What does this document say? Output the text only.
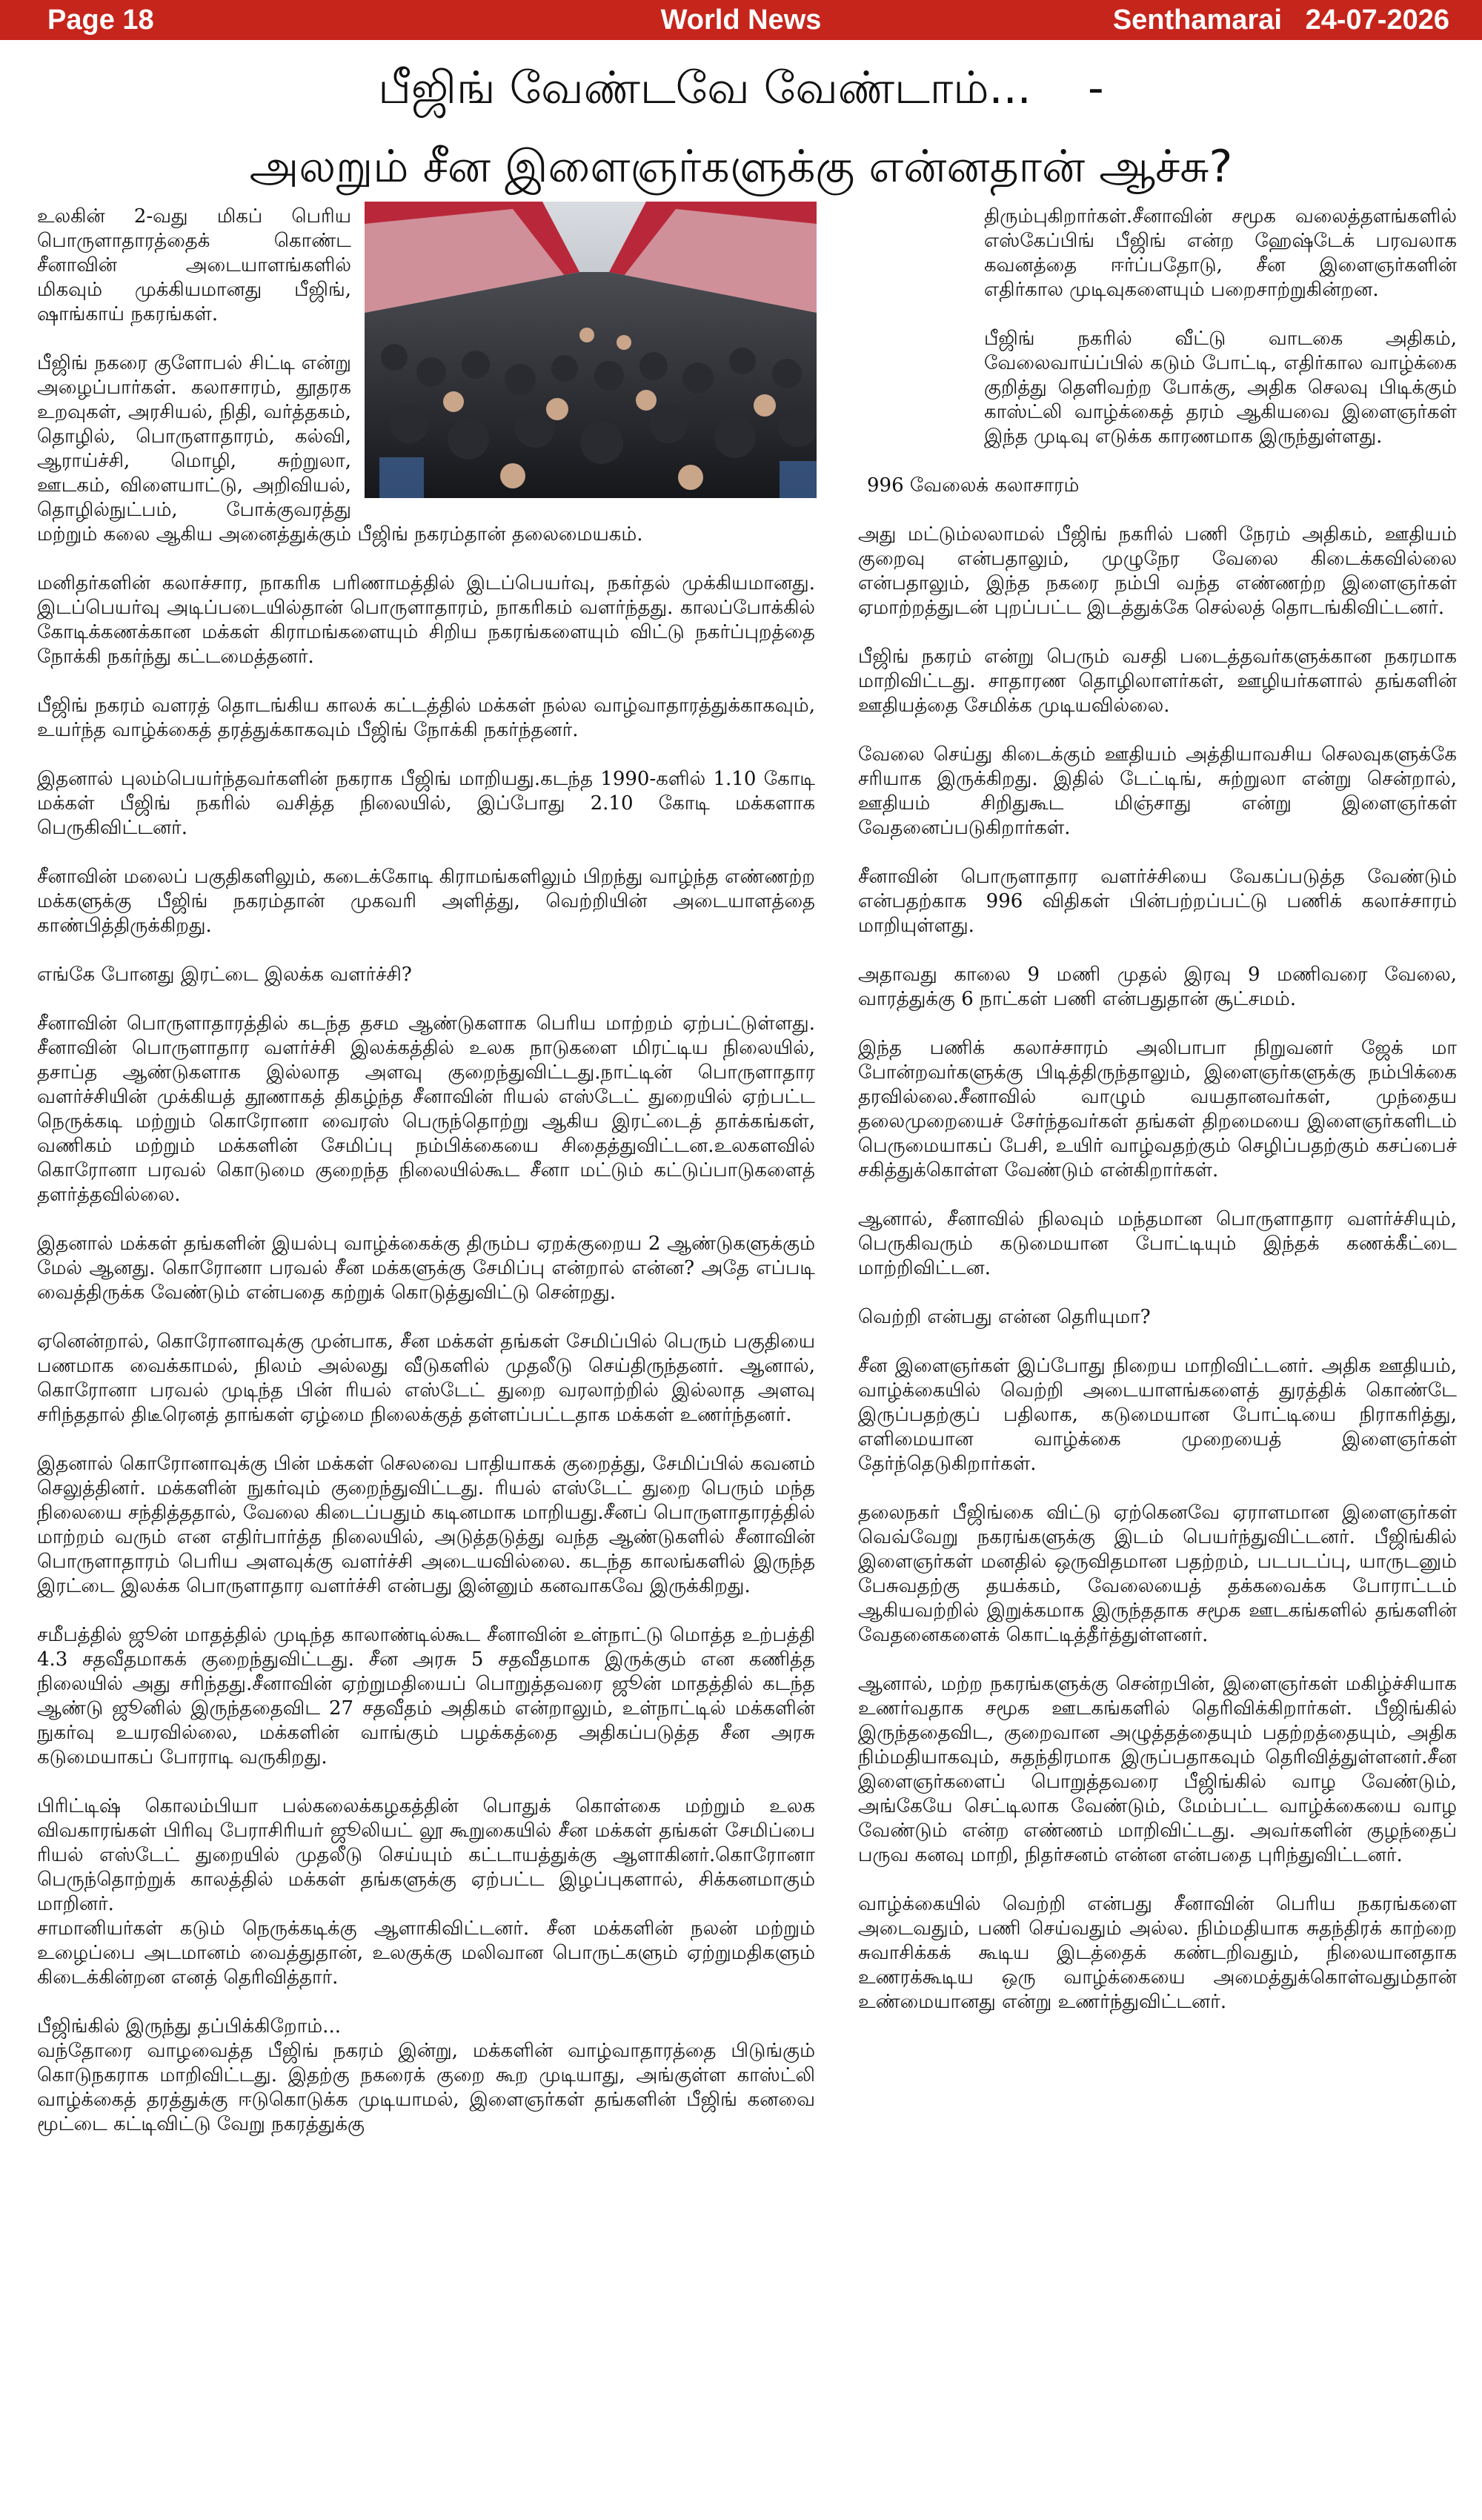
Page 18	World News	Senthamarai 24-07-2026
பீஜிங் வேண்டவே வேண்டாம்...    -
அலறும் சீன இளைஞர்களுக்கு என்னதான் ஆச்சு?

உலகின் 2-வது மிகப் பெரிய பொருளாதாரத்தைக் கொண்ட சீனாவின் அடையாளங்களில் மிகவும் முக்கியமானது பீஜிங், ஷாங்காய் நகரங்கள்.

பீஜிங் நகரை குளோபல் சிட்டி என்று அழைப்பார்கள். கலாசாரம், தூதரக உறவுகள், அரசியல், நிதி, வர்த்தகம், தொழில், பொருளாதாரம், கல்வி, ஆராய்ச்சி, மொழி, சுற்றுலா, ஊடகம், விளையாட்டு, அறிவியல், தொழில்நுட்பம், போக்குவரத்து மற்றும் கலை ஆகிய அனைத்துக்கும் பீஜிங் நகரம்தான் தலைமையகம்.

மனிதர்களின் கலாச்சார, நாகரிக பரிணாமத்தில் இடப்பெயர்வு, நகர்தல் முக்கியமானது. இடப்பெயர்வு அடிப்படையில்தான் பொருளாதாரம், நாகரிகம் வளர்ந்தது. காலப்போக்கில் கோடிக்கணக்கான மக்கள் கிராமங்களையும் சிறிய நகரங்களையும் விட்டு நகர்ப்புறத்தை நோக்கி நகர்ந்து கட்டமைத்தனர்.

பீஜிங் நகரம் வளரத் தொடங்கிய காலக் கட்டத்தில் மக்கள் நல்ல வாழ்வாதாரத்துக்காகவும், உயர்ந்த வாழ்க்கைத் தரத்துக்காகவும் பீஜிங் நோக்கி நகர்ந்தனர்.

இதனால் புலம்பெயர்ந்தவர்களின் நகராக பீஜிங் மாறியது.கடந்த 1990-களில் 1.10 கோடி மக்கள் பீஜிங் நகரில் வசித்த நிலையில், இப்போது 2.10 கோடி மக்களாக பெருகிவிட்டனர்.

சீனாவின் மலைப் பகுதிகளிலும், கடைக்கோடி கிராமங்களிலும் பிறந்து வாழ்ந்த எண்ணற்ற மக்களுக்கு பீஜிங் நகரம்தான் முகவரி அளித்து, வெற்றியின் அடையாளத்தை காண்பித்திருக்கிறது.

எங்கே போனது இரட்டை இலக்க வளர்ச்சி?

சீனாவின் பொருளாதாரத்தில் கடந்த தசம ஆண்டுகளாக பெரிய மாற்றம் ஏற்பட்டுள்ளது. சீனாவின் பொருளாதார வளர்ச்சி இலக்கத்தில் உலக நாடுகளை மிரட்டிய நிலையில், தசாப்த ஆண்டுகளாக இல்லாத அளவு குறைந்துவிட்டது.நாட்டின் பொருளாதார வளர்ச்சியின் முக்கியத் தூணாகத் திகழ்ந்த சீனாவின் ரியல் எஸ்டேட் துறையில் ஏற்பட்ட நெருக்கடி மற்றும் கொரோனா வைரஸ் பெருந்தொற்று ஆகிய இரட்டைத் தாக்கங்கள், வணிகம் மற்றும் மக்களின் சேமிப்பு நம்பிக்கையை சிதைத்துவிட்டன.உலகளவில் கொரோனா பரவல் கொடுமை குறைந்த நிலையில்கூட சீனா மட்டும் கட்டுப்பாடுகளைத் தளர்த்தவில்லை.

இதனால் மக்கள் தங்களின் இயல்பு வாழ்க்கைக்கு திரும்ப ஏறக்குறைய 2 ஆண்டுகளுக்கும் மேல் ஆனது. கொரோனா பரவல் சீன மக்களுக்கு சேமிப்பு என்றால் என்ன? அதே எப்படி வைத்திருக்க வேண்டும் என்பதை கற்றுக் கொடுத்துவிட்டு சென்றது.

ஏனென்றால், கொரோனாவுக்கு முன்பாக, சீன மக்கள் தங்கள் சேமிப்பில் பெரும் பகுதியை பணமாக வைக்காமல், நிலம் அல்லது வீடுகளில் முதலீடு செய்திருந்தனர். ஆனால், கொரோனா பரவல் முடிந்த பின் ரியல் எஸ்டேட் துறை வரலாற்றில் இல்லாத அளவு சரிந்ததால் திடீரெனத் தாங்கள் ஏழ்மை நிலைக்குத் தள்ளப்பட்டதாக மக்கள் உணர்ந்தனர்.

இதனால் கொரோனாவுக்கு பின் மக்கள் செலவை பாதியாகக் குறைத்து, சேமிப்பில் கவனம் செலுத்தினர். மக்களின் நுகர்வும் குறைந்துவிட்டது. ரியல் எஸ்டேட் துறை பெரும் மந்த நிலையை சந்தித்ததால், வேலை கிடைப்பதும் கடினமாக மாறியது.சீனப் பொருளாதாரத்தில் மாற்றம் வரும் என எதிர்பார்த்த நிலையில், அடுத்தடுத்து வந்த ஆண்டுகளில் சீனாவின் பொருளாதாரம் பெரிய அளவுக்கு வளர்ச்சி அடையவில்லை. கடந்த காலங்களில் இருந்த இரட்டை இலக்க பொருளாதார வளர்ச்சி என்பது இன்னும் கனவாகவே இருக்கிறது.

சமீபத்தில் ஜூன் மாதத்தில் முடிந்த காலாண்டில்கூட சீனாவின் உள்நாட்டு மொத்த உற்பத்தி 4.3 சதவீதமாகக் குறைந்துவிட்டது. சீன அரசு 5 சதவீதமாக இருக்கும் என கணித்த நிலையில் அது சரிந்தது.சீனாவின் ஏற்றுமதியைப் பொறுத்தவரை ஜூன் மாதத்தில் கடந்த ஆண்டு ஜூனில் இருந்ததைவிட 27 சதவீதம் அதிகம் என்றாலும், உள்நாட்டில் மக்களின் நுகர்வு உயரவில்லை, மக்களின் வாங்கும் பழக்கத்தை அதிகப்படுத்த சீன அரசு கடுமையாகப் போராடி வருகிறது.

பிரிட்டிஷ் கொலம்பியா பல்கலைக்கழகத்தின் பொதுக் கொள்கை மற்றும் உலக விவகாரங்கள் பிரிவு பேராசிரியர் ஜூலியட் லூ கூறுகையில் சீன மக்கள் தங்கள் சேமிப்பை ரியல் எஸ்டேட் துறையில் முதலீடு செய்யும் கட்டாயத்துக்கு ஆளாகினர்.கொரோனா பெருந்தொற்றுக் காலத்தில் மக்கள் தங்களுக்கு ஏற்பட்ட இழப்புகளால், சிக்கனமாகும் மாறினர்.

சாமானியர்கள் கடும் நெருக்கடிக்கு ஆளாகிவிட்டனர். சீன மக்களின் நலன் மற்றும் உழைப்பை அடமானம் வைத்துதான், உலகுக்கு மலிவான பொருட்களும் ஏற்றுமதிகளும் கிடைக்கின்றன எனத் தெரிவித்தார்.

பீஜிங்கில் இருந்து தப்பிக்கிறோம்...

வந்தோரை வாழவைத்த பீஜிங் நகரம் இன்று, மக்களின் வாழ்வாதாரத்தை பிடுங்கும் கொடுநகராக மாறிவிட்டது. இதற்கு நகரைக் குறை கூற முடியாது, அங்குள்ள காஸ்ட்லி வாழ்க்கைத் தரத்துக்கு ஈடுகொடுக்க முடியாமல், இளைஞர்கள் தங்களின் பீஜிங் கனவை மூட்டை கட்டிவிட்டு வேறு நகரத்துக்கு

திரும்புகிறார்கள்.சீனாவின் சமூக வலைத்தளங்களில் எஸ்கேப்பிங் பீஜிங் என்ற ஹேஷ்டேக் பரவலாக கவனத்தை ஈர்ப்பதோடு, சீன இளைஞர்களின் எதிர்கால முடிவுகளையும் பறைசாற்றுகின்றன.

பீஜிங் நகரில் வீட்டு வாடகை அதிகம், வேலைவாய்ப்பில் கடும் போட்டி, எதிர்கால வாழ்க்கை குறித்து தெளிவற்ற போக்கு, அதிக செலவு பிடிக்கும் காஸ்ட்லி வாழ்க்கைத் தரம் ஆகியவை இளைஞர்கள் இந்த முடிவு எடுக்க காரணமாக இருந்துள்ளது.

996 வேலைக் கலாசாரம்

அது மட்டும்லலாமல் பீஜிங் நகரில் பணி நேரம் அதிகம், ஊதியம் குறைவு என்பதாலும், முழுநேர வேலை கிடைக்கவில்லை என்பதாலும், இந்த நகரை நம்பி வந்த எண்ணற்ற இளைஞர்கள் ஏமாற்றத்துடன் புறப்பட்ட இடத்துக்கே செல்லத் தொடங்கிவிட்டனர்.

பீஜிங் நகரம் என்று பெரும் வசதி படைத்தவர்களுக்கான நகரமாக மாறிவிட்டது. சாதாரண தொழிலாளர்கள், ஊழியர்களால் தங்களின் ஊதியத்தை சேமிக்க முடியவில்லை.

வேலை செய்து கிடைக்கும் ஊதியம் அத்தியாவசிய செலவுகளுக்கே சரியாக இருக்கிறது. இதில் டேட்டிங், சுற்றுலா என்று சென்றால், ஊதியம் சிறிதுகூட மிஞ்சாது என்று இளைஞர்கள் வேதனைப்படுகிறார்கள்.

சீனாவின் பொருளாதார வளர்ச்சியை வேகப்படுத்த வேண்டும் என்பதற்காக 996 விதிகள் பின்பற்றப்பட்டு பணிக் கலாச்சாரம் மாறியுள்ளது.

அதாவது காலை 9 மணி முதல் இரவு 9 மணிவரை வேலை, வாரத்துக்கு 6 நாட்கள் பணி என்பதுதான் சூட்சமம்.

இந்த பணிக் கலாச்சாரம் அலிபாபா நிறுவனர் ஜேக் மா போன்றவர்களுக்கு பிடித்திருந்தாலும், இளைஞர்களுக்கு நம்பிக்கை தரவில்லை.சீனாவில் வாழும் வயதானவர்கள், முந்தைய தலைமுறையைச் சேர்ந்தவர்கள் தங்கள் திறமையை இளைஞர்களிடம் பெருமையாகப் பேசி, உயிர் வாழ்வதற்கும் செழிப்பதற்கும் கசப்பைச் சகித்துக்கொள்ள வேண்டும் என்கிறார்கள்.

ஆனால், சீனாவில் நிலவும் மந்தமான பொருளாதார வளர்ச்சியும், பெருகிவரும் கடுமையான போட்டியும் இந்தக் கணக்கீட்டை மாற்றிவிட்டன.

வெற்றி என்பது என்ன தெரியுமா?

சீன இளைஞர்கள் இப்போது நிறைய மாறிவிட்டனர். அதிக ஊதியம், வாழ்க்கையில் வெற்றி அடையாளங்களைத் துரத்திக் கொண்டே இருப்பதற்குப் பதிலாக, கடுமையான போட்டியை நிராகரித்து, எளிமையான வாழ்க்கை முறையைத் இளைஞர்கள் தேர்ந்தெடுகிறார்கள்.

தலைநகர் பீஜிங்கை விட்டு ஏற்கெனவே ஏராளமான இளைஞர்கள் வெவ்வேறு நகரங்களுக்கு இடம் பெயர்ந்துவிட்டனர். பீஜிங்கில் இளைஞர்கள் மனதில் ஒருவிதமான பதற்றம், படபடப்பு, யாருடனும் பேசுவதற்கு தயக்கம், வேலையைத் தக்கவைக்க போராட்டம் ஆகியவற்றில் இறுக்கமாக இருந்ததாக சமூக ஊடகங்களில் தங்களின் வேதனைகளைக் கொட்டித்தீர்த்துள்ளனர்.

ஆனால், மற்ற நகரங்களுக்கு சென்றபின், இளைஞர்கள் மகிழ்ச்சியாக உணர்வதாக சமூக ஊடகங்களில் தெரிவிக்கிறார்கள். பீஜிங்கில் இருந்ததைவிட, குறைவான அழுத்தத்தையும் பதற்றத்தையும், அதிக நிம்மதியாகவும், சுதந்திரமாக இருப்பதாகவும் தெரிவித்துள்ளனர்.சீன இளைஞர்களைப் பொறுத்தவரை பீஜிங்கில் வாழ வேண்டும், அங்கேயே செட்டிலாக வேண்டும், மேம்பட்ட வாழ்க்கையை வாழ வேண்டும் என்ற எண்ணம் மாறிவிட்டது. அவர்களின் குழந்தைப் பருவ கனவு மாறி, நிதர்சனம் என்ன என்பதை புரிந்துவிட்டனர்.

வாழ்க்கையில் வெற்றி என்பது சீனாவின் பெரிய நகரங்களை அடைவதும், பணி செய்வதும் அல்ல. நிம்மதியாக சுதந்திரக் காற்றை சுவாசிக்கக் கூடிய இடத்தைக் கண்டறிவதும், நிலையானதாக உணரக்கூடிய ஒரு வாழ்க்கையை அமைத்துக்கொள்வதும்தான் உண்மையானது என்று உணர்ந்துவிட்டனர்.
